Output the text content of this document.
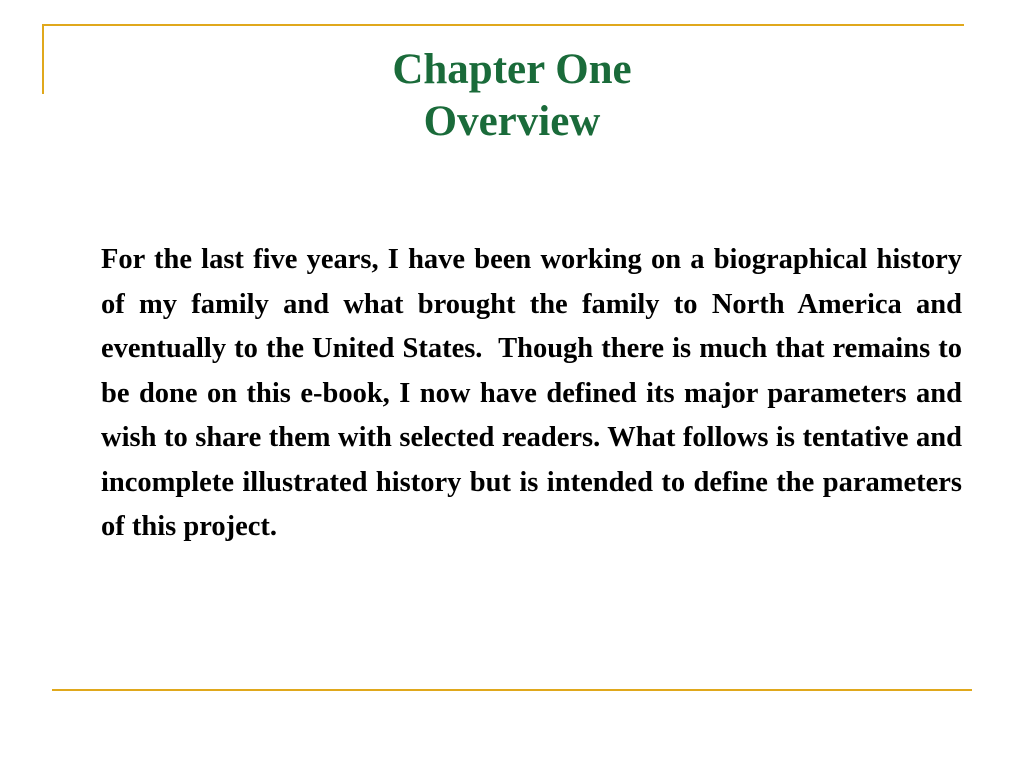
Chapter One
Overview

For the last five years, I have been working on a biographical history of my family and what brought the family to North America and eventually to the United States.  Though there is much that remains to be done on this e-book, I now have defined its major parameters and wish to share them with selected readers. What follows is tentative and incomplete illustrated history but is intended to define the parameters of this project.
